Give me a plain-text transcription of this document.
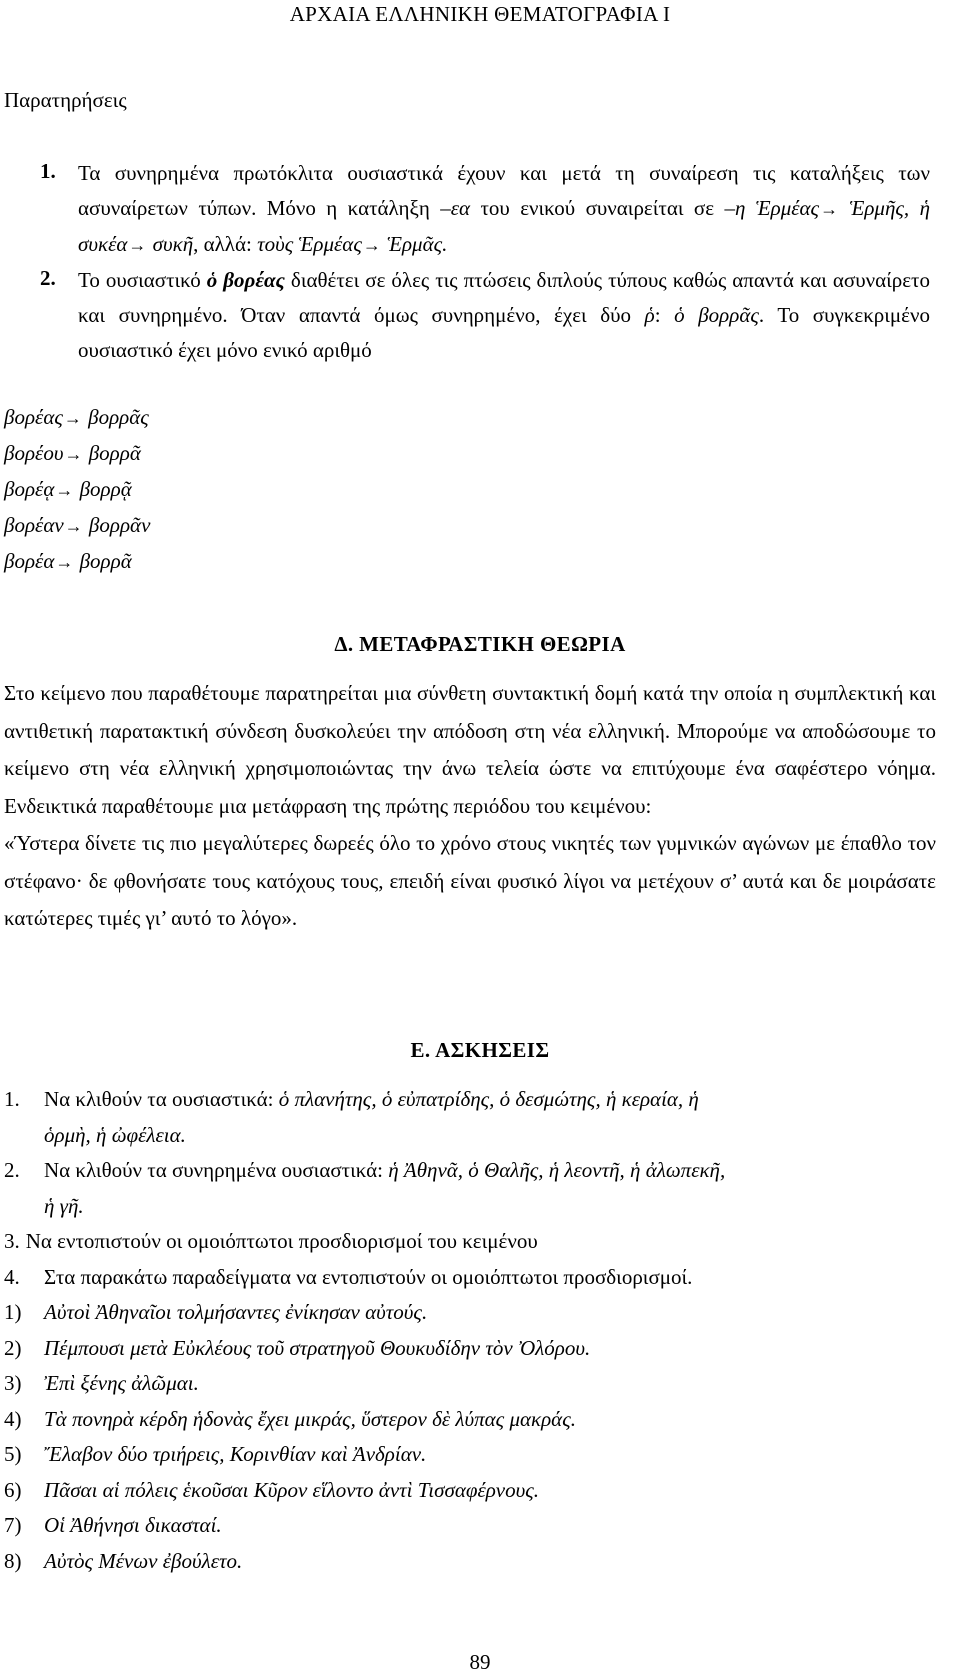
ΑΡΧΑΙΑ ΕΛΛΗΝΙΚΗ ΘΕΜΑΤΟΓΡΑΦΙΑ Ι
Παρατηρήσεις
1.	Τα συνηρημένα πρωτόκλιτα ουσιαστικά έχουν και μετά τη συναίρεση τις καταλήξεις των ασυναίρετων τύπων. Μόνο η κατάληξη –εα του ενικού συναιρείται σε –η Ἑρμέας→ Ἑρμῆς, ἡ συκέα→ συκῆ, αλλά: τοὺς Ἑρμέας→ Ἑρμᾶς.
2.	Το ουσιαστικό ὁ βορέας διαθέτει σε όλες τις πτώσεις διπλούς τύπους καθώς απαντά και ασυναίρετο και συνηρημένο. Όταν απαντά όμως συνηρημένο, έχει δύο ῥ: ὁ βορρᾶς. Το συγκεκριμένο ουσιαστικό έχει μόνο ενικό αριθμό
βορέας→ βορρᾶς
βορέου→ βορρᾶ
βορέᾳ→ βορρᾷ
βορέαν→ βορρᾶν
βορέα→ βορρᾶ
Δ. ΜΕΤΑΦΡΑΣΤΙΚΗ ΘΕΩΡΙΑ

Στο κείμενο που παραθέτουμε παρατηρείται μια σύνθετη συντακτική δομή κατά την οποία η συμπλεκτική και αντιθετική παρατακτική σύνδεση δυσκολεύει την απόδοση στη νέα ελληνική. Μπορούμε να αποδώσουμε το κείμενο στη νέα ελληνική χρησιμοποιώντας την άνω τελεία ώστε να επιτύχουμε ένα σαφέστερο νόημα. Ενδεικτικά παραθέτουμε μια μετάφραση της πρώτης περιόδου του κειμένου:

«Ύστερα δίνετε τις πιο μεγαλύτερες δωρεές όλο το χρόνο στους νικητές των γυμνικών αγώνων με έπαθλο τον στέφανο· δε φθονήσατε τους κατόχους τους, επειδή είναι φυσικό λίγοι να μετέχουν σ’ αυτά και δε μοιράσατε κατώτερες τιμές γι’ αυτό το λόγο».

Ε. ΑΣΚΗΣΕΙΣ
1.	Να κλιθούν τα ουσιαστικά: ὁ πλανήτης, ὁ εὐπατρίδης, ὁ δεσμώτης, ἡ κεραία, ἡ
ὁρμὴ, ἡ ὠφέλεια.
2.	Να κλιθούν τα συνηρημένα ουσιαστικά: ἡ Ἀθηνᾶ, ὁ Θαλῆς, ἡ λεοντῆ, ἡ ἀλωπεκῆ,
ἡ γῆ.
3. Να εντοπιστούν οι ομοιόπτωτοι προσδιορισμοί του κειμένου
4.	Στα παρακάτω παραδείγματα να εντοπιστούν οι ομοιόπτωτοι προσδιορισμοί.
1)	Αὐτοὶ Ἀθηναῖοι τολμήσαντες ἐνίκησαν αὐτούς.
2)	Πέμπουσι μετὰ Εὐκλέους τοῦ στρατηγοῦ Θουκυδίδην τὸν Ὀλόρου.
3)	Ἐπὶ ξένης ἀλῶμαι.
4)	Τὰ πονηρὰ κέρδη ἡδονὰς ἔχει μικράς, ὕστερον δὲ λύπας μακράς.
5)	Ἔλαβον δύο τριήρεις, Κορινθίαν καὶ Ἀνδρίαν.
6)	Πᾶσαι αἱ πόλεις ἑκοῦσαι Κῦρον εἵλοντο ἀντὶ Τισσαφέρνους.
7)	Οἱ Ἀθήνησι δικασταί.
8)	Αὐτὸς Μένων ἐβούλετο.
89
